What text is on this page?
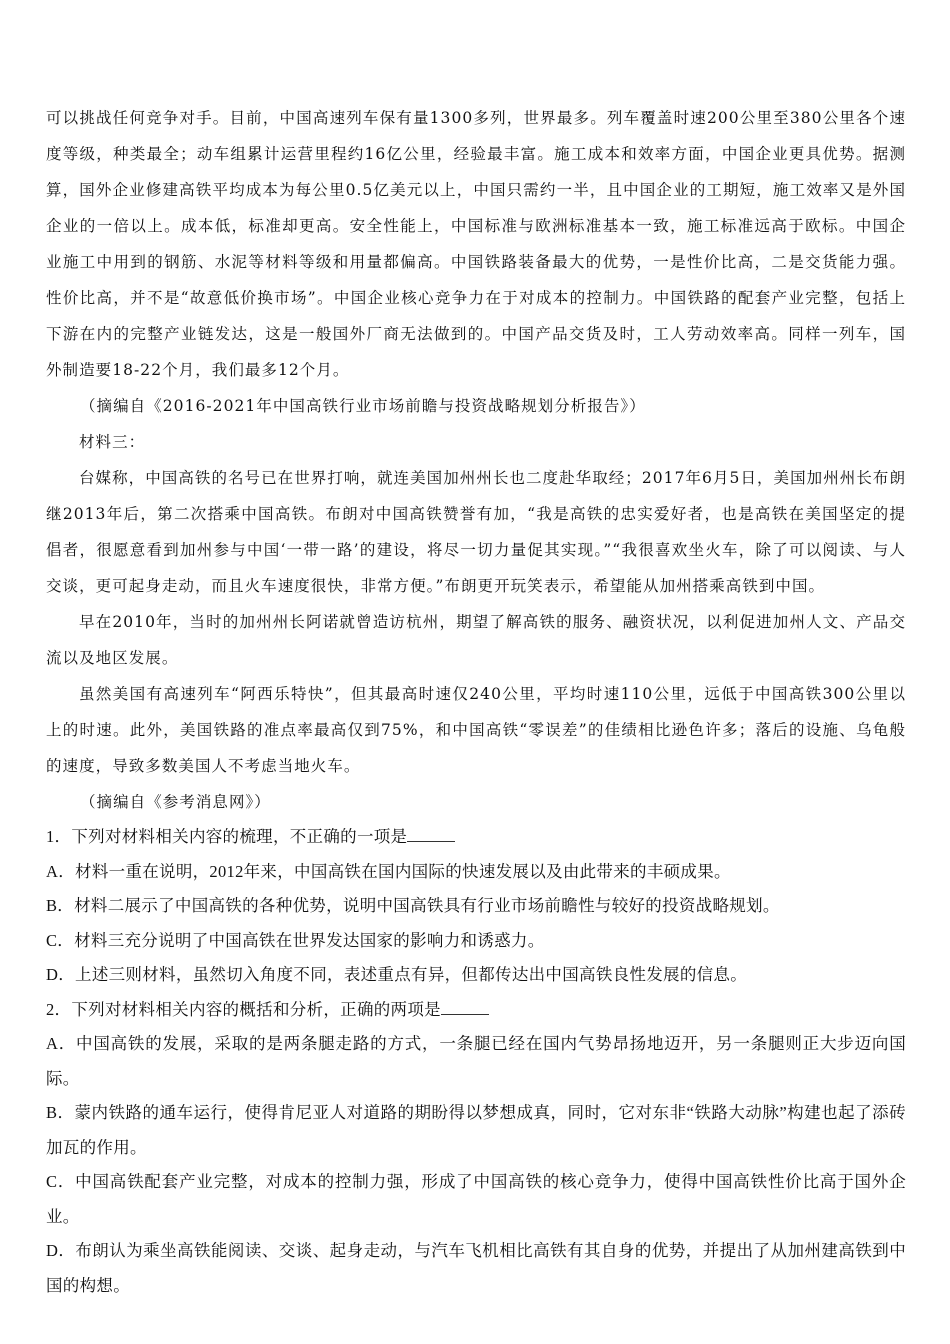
可以挑战任何竞争对手。目前，中国高速列车保有量1300多列，世界最多。列车覆盖时速200公里至380公里各个速度等级，种类最全；动车组累计运营里程约16亿公里，经验最丰富。施工成本和效率方面，中国企业更具优势。据测算，国外企业修建高铁平均成本为每公里0.5亿美元以上，中国只需约一半，且中国企业的工期短，施工效率又是外国企业的一倍以上。成本低，标准却更高。安全性能上，中国标准与欧洲标准基本一致，施工标准远高于欧标。中国企业施工中用到的钢筋、水泥等材料等级和用量都偏高。中国铁路装备最大的优势，一是性价比高，二是交货能力强。性价比高，并不是“故意低价换市场”。中国企业核心竞争力在于对成本的控制力。中国铁路的配套产业完整，包括上下游在内的完整产业链发达，这是一般国外厂商无法做到的。中国产品交货及时，工人劳动效率高。同样一列车，国外制造要18-22个月，我们最多12个月。

（摘编自《2016-2021年中国高铁行业市场前瞻与投资战略规划分析报告》）

材料三：

台媒称，中国高铁的名号已在世界打响，就连美国加州州长也二度赴华取经；2017年6月5日，美国加州州长布朗继2013年后，第二次搭乘中国高铁。布朗对中国高铁赞誉有加，“我是高铁的忠实爱好者，也是高铁在美国坚定的提倡者，很愿意看到加州参与中国‘一带一路’的建设，将尽一切力量促其实现。”“我很喜欢坐火车，除了可以阅读、与人交谈，更可起身走动，而且火车速度很快，非常方便。”布朗更开玩笑表示，希望能从加州搭乘高铁到中国。

早在2010年，当时的加州州长阿诺就曾造访杭州，期望了解高铁的服务、融资状况，以利促进加州人文、产品交流以及地区发展。

虽然美国有高速列车“阿西乐特快”，但其最高时速仅240公里，平均时速110公里，远低于中国高铁300公里以上的时速。此外，美国铁路的准点率最高仅到75%，和中国高铁“零误差”的佳绩相比逊色许多；落后的设施、乌龟般的速度，导致多数美国人不考虑当地火车。

（摘编自《参考消息网》）

1．下列对材料相关内容的梳理，不正确的一项是

A．材料一重在说明，2012年来，中国高铁在国内国际的快速发展以及由此带来的丰硕成果。

B．材料二展示了中国高铁的各种优势，说明中国高铁具有行业市场前瞻性与较好的投资战略规划。

C．材料三充分说明了中国高铁在世界发达国家的影响力和诱惑力。

D．上述三则材料，虽然切入角度不同，表述重点有异，但都传达出中国高铁良性发展的信息。

2．下列对材料相关内容的概括和分析，正确的两项是

A．中国高铁的发展，采取的是两条腿走路的方式，一条腿已经在国内气势昂扬地迈开，另一条腿则正大步迈向国际。

B．蒙内铁路的通车运行，使得肯尼亚人对道路的期盼得以梦想成真，同时，它对东非“铁路大动脉”构建也起了添砖加瓦的作用。

C．中国高铁配套产业完整，对成本的控制力强，形成了中国高铁的核心竞争力，使得中国高铁性价比高于国外企业。

D．布朗认为乘坐高铁能阅读、交谈、起身走动，与汽车飞机相比高铁有其自身的优势，并提出了从加州建高铁到中国的构想。
